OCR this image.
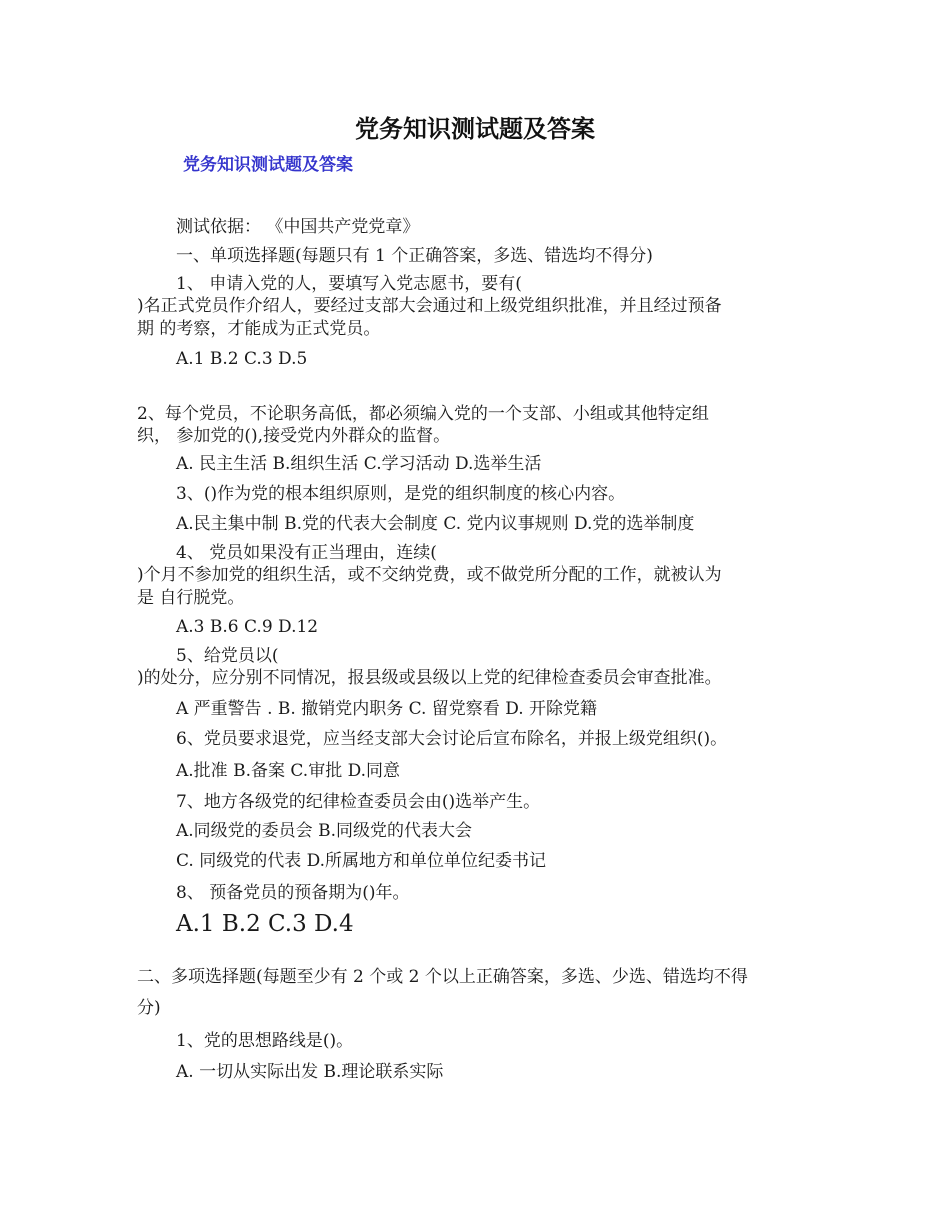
党务知识测试题及答案
党务知识测试题及答案
测试依据： 《中国共产党党章》
一、单项选择题(每题只有 1 个正确答案，多选、错选均不得分)
1、 申请入党的人，要填写入党志愿书，要有(
)名正式党员作介绍人，要经过支部大会通过和上级党组织批准，并且经过预备
期 的考察，才能成为正式党员。
A.1 B.2 C.3 D.5
2、每个党员，不论职务高低，都必须编入党的一个支部、小组或其他特定组
织， 参加党的(),接受党内外群众的监督。
A. 民主生活 B.组织生活 C.学习活动 D.选举生活
3、()作为党的根本组织原则，是党的组织制度的核心内容。
A.民主集中制 B.党的代表大会制度 C. 党内议事规则 D.党的选举制度
4、 党员如果没有正当理由，连续(
)个月不参加党的组织生活，或不交纳党费，或不做党所分配的工作，就被认为
是 自行脱党。
A.3 B.6 C.9 D.12
5、给党员以(
)的处分，应分别不同情况，报县级或县级以上党的纪律检查委员会审查批准。
A 严重警告 . B. 撤销党内职务 C. 留党察看 D. 开除党籍
6、党员要求退党，应当经支部大会讨论后宣布除名，并报上级党组织()。
A.批准 B.备案 C.审批 D.同意
7、地方各级党的纪律检查委员会由()选举产生。
A.同级党的委员会 B.同级党的代表大会
C. 同级党的代表 D.所属地方和单位单位纪委书记
8、 预备党员的预备期为()年。
A.1 B.2 C.3 D.4
二、多项选择题(每题至少有 2 个或 2 个以上正确答案，多选、少选、错选均不得
分)
1、党的思想路线是()。
A. 一切从实际出发 B.理论联系实际
